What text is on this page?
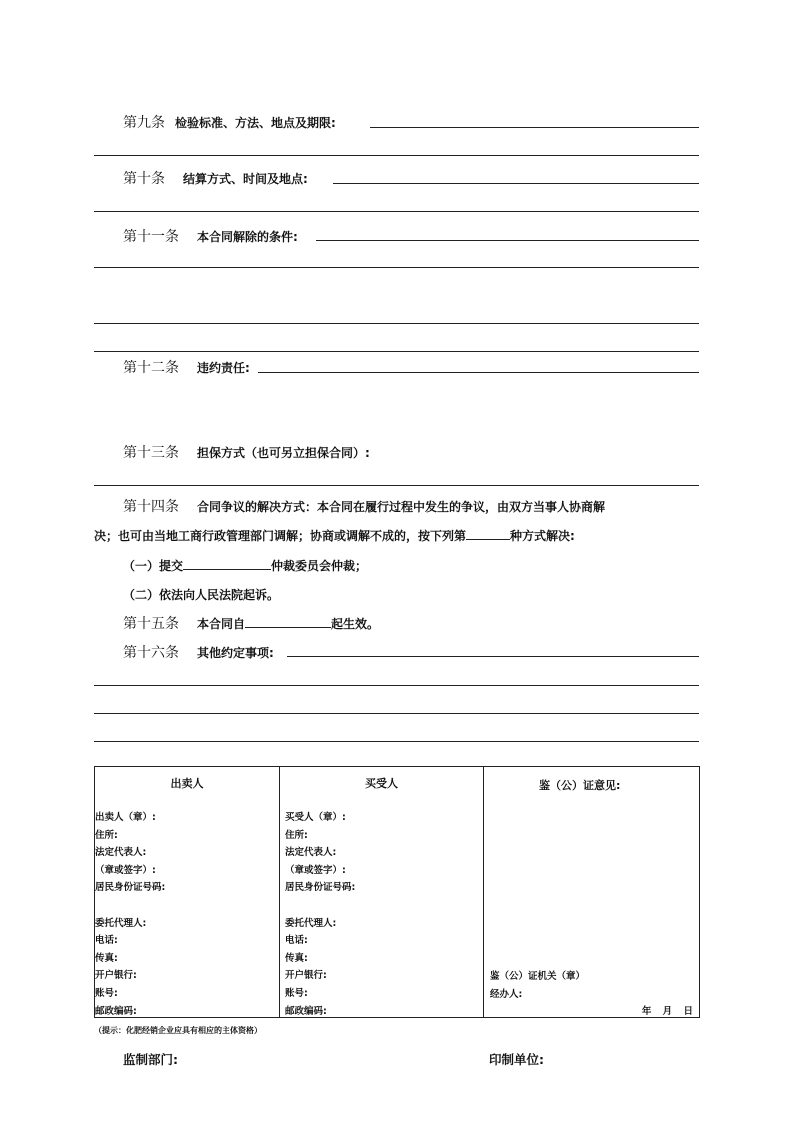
第九条 检验标准、方法、地点及期限:
第十条 结算方式、时间及地点:
第十一条 本合同解除的条件:
第十二条 违约责任:
第十三条 担保方式（也可另立担保合同）:
第十四条 合同争议的解决方式：本合同在履行过程中发生的争议，由双方当事人协商解
决；也可由当地工商行政管理部门调解；协商或调解不成的，按下列第	种方式解决:
（一）提交	仲裁委员会仲裁；
（二）依法向人民法院起诉。
第十五条 本合同自	起生效。
第十六条 其他约定事项:
出卖人
出卖人（章）:
住所:
法定代表人:
（章或签字）:
居民身份证号码:
委托代理人:
电话:
传真:
开户银行:
账号:
邮政编码:

买受人
买受人（章）:
住所:
法定代表人:
（章或签字）:
居民身份证号码:
委托代理人:
电话:
传真:
开户银行:
账号:
邮政编码:

鉴（公）证意见:
鉴（公）证机关（章）
经办人:
年 月 日
（提示：化肥经销企业应具有相应的主体资格）
监制部门:	印制单位:
